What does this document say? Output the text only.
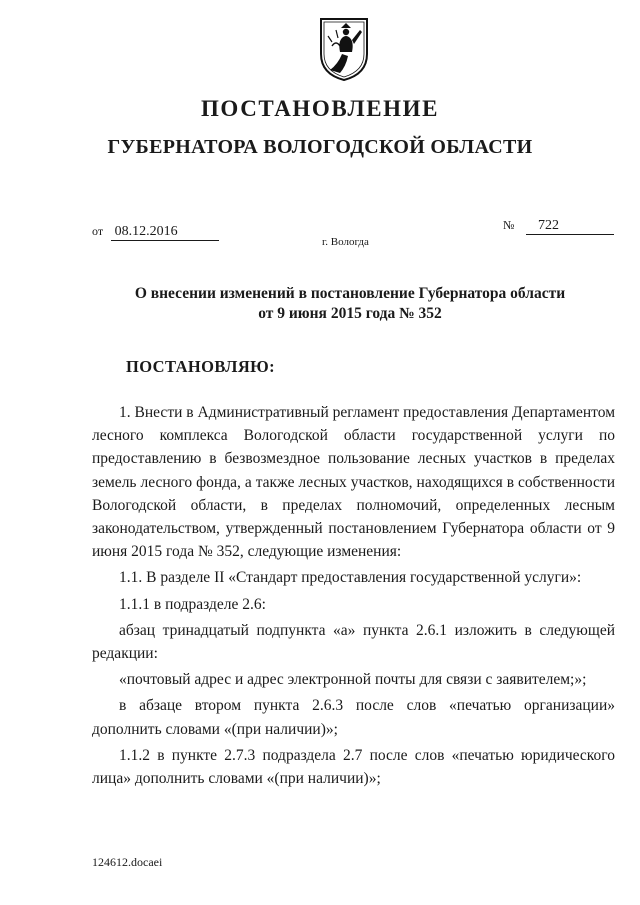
ПОСТАНОВЛЕНИЕ
ГУБЕРНАТОРА ВОЛОГОДСКОЙ ОБЛАСТИ
от 08.12.2016	№ 722
г. Вологда
О внесении изменений в постановление Губернатора области
от 9 июня 2015 года № 352
ПОСТАНОВЛЯЮ:

1. Внести в Административный регламент предоставления Департаментом лесного комплекса Вологодской области государственной услуги по предоставлению в безвозмездное пользование лесных участков в пределах земель лесного фонда, а также лесных участков, находящихся в собственности Вологодской области, в пределах полномочий, определенных лесным законодательством, утвержденный постановлением Губернатора области от 9 июня 2015 года № 352, следующие изменения:

1.1. В разделе II «Стандарт предоставления государственной услуги»:

1.1.1 в подразделе 2.6:

абзац тринадцатый подпункта «а» пункта 2.6.1 изложить в следующей редакции:

«почтовый адрес и адрес электронной почты для связи с заявителем;»;

в абзаце втором пункта 2.6.3 после слов «печатью организации» дополнить словами «(при наличии)»;

1.1.2 в пункте 2.7.3 подраздела 2.7 после слов «печатью юридического лица» дополнить словами «(при наличии)»;

124612.docaei
